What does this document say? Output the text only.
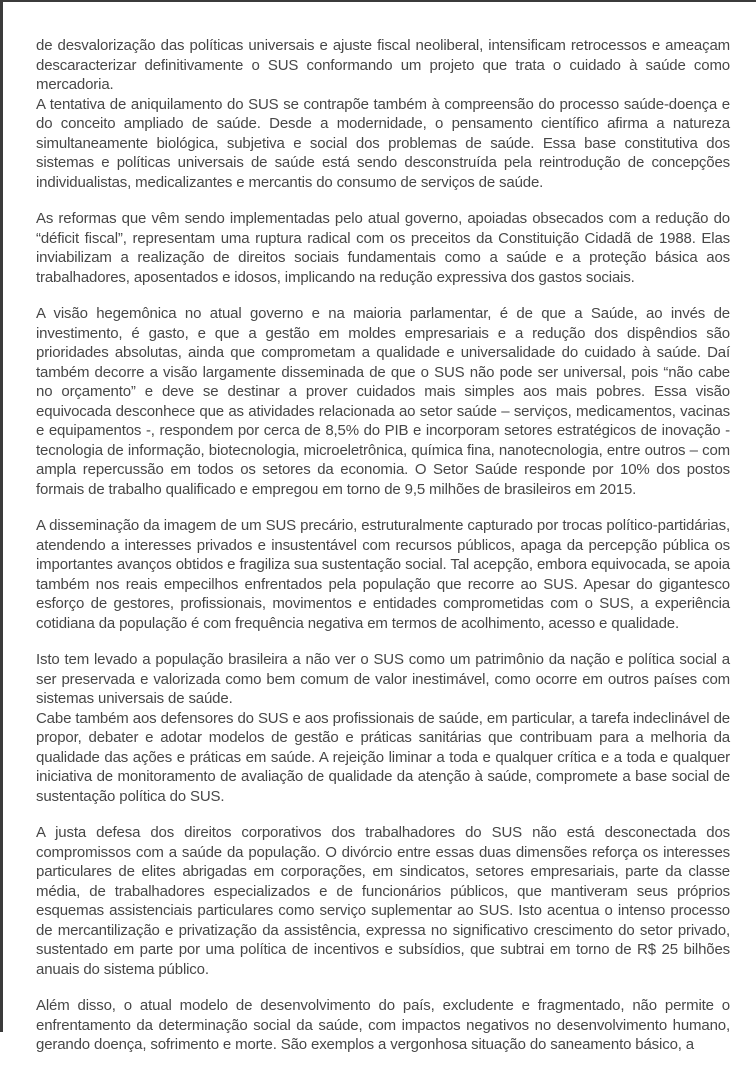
de desvalorização das políticas universais e ajuste fiscal neoliberal, intensificam retrocessos e ameaçam descaracterizar definitivamente o SUS conformando um projeto que trata o cuidado à saúde como mercadoria.

A tentativa de aniquilamento do SUS se contrapõe também à compreensão do processo saúde-doença e do conceito ampliado de saúde. Desde a modernidade, o pensamento científico afirma a natureza simultaneamente biológica, subjetiva e social dos problemas de saúde. Essa base constitutiva dos sistemas e políticas universais de saúde está sendo desconstruída pela reintrodução de concepções individualistas, medicalizantes e mercantis do consumo de serviços de saúde.

As reformas que vêm sendo implementadas pelo atual governo, apoiadas obsecados com a redução do “déficit fiscal”, representam uma ruptura radical com os preceitos da Constituição Cidadã de 1988. Elas inviabilizam a realização de direitos sociais fundamentais como a saúde e a proteção básica aos trabalhadores, aposentados e idosos, implicando na redução expressiva dos gastos sociais.

A visão hegemônica no atual governo e na maioria parlamentar, é de que a Saúde, ao invés de investimento, é gasto, e que a gestão em moldes empresariais e a redução dos dispêndios são prioridades absolutas, ainda que comprometam a qualidade e universalidade do cuidado à saúde. Daí também decorre a visão largamente disseminada de que o SUS não pode ser universal, pois “não cabe no orçamento” e deve se destinar a prover cuidados mais simples aos mais pobres. Essa visão equivocada desconhece que as atividades relacionada ao setor saúde – serviços, medicamentos, vacinas e equipamentos -, respondem por cerca de 8,5% do PIB e incorporam setores estratégicos de inovação - tecnologia de informação, biotecnologia, microeletrônica, química fina, nanotecnologia, entre outros – com ampla repercussão em todos os setores da economia. O Setor Saúde responde por 10% dos postos formais de trabalho qualificado e empregou em torno de 9,5 milhões de brasileiros em 2015.

A disseminação da imagem de um SUS precário, estruturalmente capturado por trocas político-partidárias, atendendo a interesses privados e insustentável com recursos públicos, apaga da percepção pública os importantes avanços obtidos e fragiliza sua sustentação social. Tal acepção, embora equivocada, se apoia também nos reais empecilhos enfrentados pela população que recorre ao SUS. Apesar do gigantesco esforço de gestores, profissionais, movimentos e entidades comprometidas com o SUS, a experiência cotidiana da população é com frequência negativa em termos de acolhimento, acesso e qualidade.

Isto tem levado a população brasileira a não ver o SUS como um patrimônio da nação e política social a ser preservada e valorizada como bem comum de valor inestimável, como ocorre em outros países com sistemas universais de saúde.

Cabe também aos defensores do SUS e aos profissionais de saúde, em particular, a tarefa indeclinável de propor, debater e adotar modelos de gestão e práticas sanitárias que contribuam para a melhoria da qualidade das ações e práticas em saúde. A rejeição liminar a toda e qualquer crítica e a toda e qualquer iniciativa de monitoramento de avaliação de qualidade da atenção à saúde, compromete a base social de sustentação política do SUS.

A justa defesa dos direitos corporativos dos trabalhadores do SUS não está desconectada dos compromissos com a saúde da população. O divórcio entre essas duas dimensões reforça os interesses particulares de elites abrigadas em corporações, em sindicatos, setores empresariais, parte da classe média, de trabalhadores especializados e de funcionários públicos, que mantiveram seus próprios esquemas assistenciais particulares como serviço suplementar ao SUS. Isto acentua o intenso processo de mercantilização e privatização da assistência, expressa no significativo crescimento do setor privado, sustentado em parte por uma política de incentivos e subsídios, que subtrai em torno de R$ 25 bilhões anuais do sistema público.

Além disso, o atual modelo de desenvolvimento do país, excludente e fragmentado, não permite o enfrentamento da determinação social da saúde, com impactos negativos no desenvolvimento humano, gerando doença, sofrimento e morte. São exemplos a vergonhosa situação do saneamento básico, a
